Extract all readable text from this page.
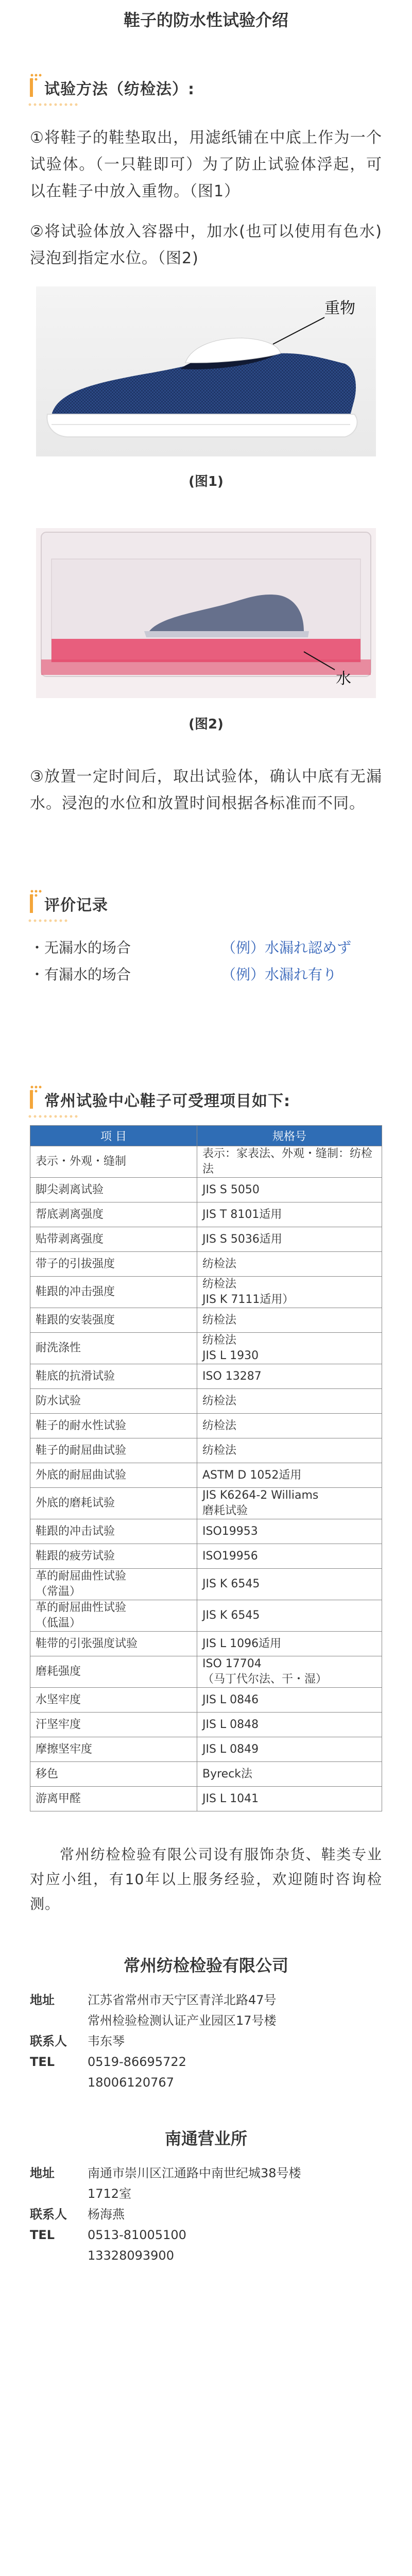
鞋子的防水性试验介绍
试验方法（纺检法）:

①将鞋子的鞋垫取出，用滤纸铺在中底上作为一个试验体。（一只鞋即可）为了防止试验体浮起，可以在鞋子中放入重物。（图1）

②将试验体放入容器中，加水(也可以使用有色水)浸泡到指定水位。（图2)

重物
(图1)
水
(图2)

③放置一定时间后，取出试验体，确认中底有无漏水。浸泡的水位和放置时间根据各标准而不同。

评价记录
・无漏水的场合	（例）水漏れ認めず
・有漏水的场合	（例）水漏れ有り
常州试验中心鞋子可受理项目如下:
项 目	规格号
表示・外观・缝制	表示：家表法、外观・缝制：纺检法
脚尖剥离试验	JIS S 5050
帮底剥离强度	JIS T 8101适用
贴带剥离强度	JIS S 5036适用
带子的引拔强度	纺检法
鞋跟的冲击强度	纺检法
JIS K 7111适用）
鞋跟的安装强度	纺检法
耐洗涤性	纺检法
JIS L 1930
鞋底的抗滑试验	ISO 13287
防水试验	纺检法
鞋子的耐水性试验	纺检法
鞋子的耐屈曲试验	纺检法
外底的耐屈曲试验	ASTM D 1052适用
外底的磨耗试验	JIS K6264-2 Williams
磨耗试验
鞋跟的冲击试验	ISO19953
鞋跟的疲劳试验	ISO19956
革的耐屈曲性试验
（常温）	JIS K 6545
革的耐屈曲性试验
（低温）	JIS K 6545
鞋带的引张强度试验	JIS L 1096适用
磨耗强度	ISO 17704
（马丁代尔法、干・湿）
水坚牢度	JIS L 0846
汗坚牢度	JIS L 0848
摩擦坚牢度	JIS L 0849
移色	Byreck法
游离甲醛	JIS L 1041

常州纺检检验有限公司设有服饰杂货、鞋类专业对应小组，有10年以上服务经验，欢迎随时咨询检测。

常州纺检检验有限公司
地址	江苏省常州市天宁区青洋北路47号
常州检验检测认证产业园区17号楼
联系人	韦东琴
TEL	0519-86695722
18006120767
南通营业所
地址	南通市崇川区江通路中南世纪城38号楼
1712室
联系人	杨海燕
TEL	0513-81005100
13328093900
